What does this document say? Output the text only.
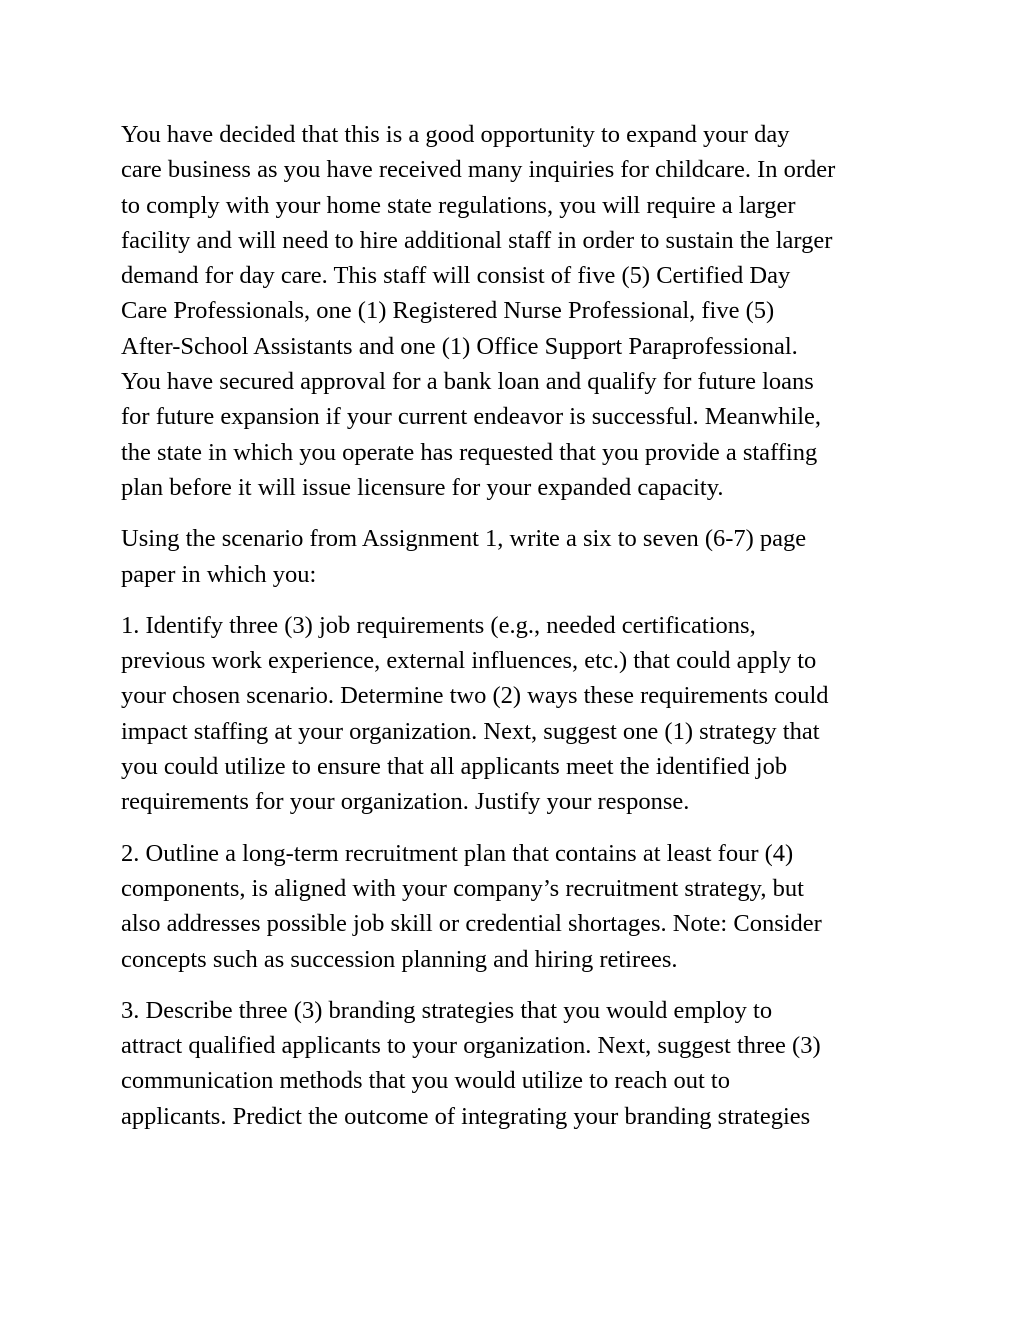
You have decided that this is a good opportunity to expand your day
care business as you have received many inquiries for childcare. In order
to comply with your home state regulations, you will require a larger
facility and will need to hire additional staff in order to sustain the larger
demand for day care. This staff will consist of five (5) Certified Day
Care Professionals, one (1) Registered Nurse Professional, five (5)
After-School Assistants and one (1) Office Support Paraprofessional.
You have secured approval for a bank loan and qualify for future loans
for future expansion if your current endeavor is successful. Meanwhile,
the state in which you operate has requested that you provide a staffing
plan before it will issue licensure for your expanded capacity.

Using the scenario from Assignment 1, write a six to seven (6-7) page
paper in which you:

1. Identify three (3) job requirements (e.g., needed certifications,
previous work experience, external influences, etc.) that could apply to
your chosen scenario. Determine two (2) ways these requirements could
impact staffing at your organization. Next, suggest one (1) strategy that
you could utilize to ensure that all applicants meet the identified job
requirements for your organization. Justify your response.

2. Outline a long-term recruitment plan that contains at least four (4)
components, is aligned with your company’s recruitment strategy, but
also addresses possible job skill or credential shortages. Note: Consider
concepts such as succession planning and hiring retirees.

3. Describe three (3) branding strategies that you would employ to
attract qualified applicants to your organization. Next, suggest three (3)
communication methods that you would utilize to reach out to
applicants. Predict the outcome of integrating your branding strategies
